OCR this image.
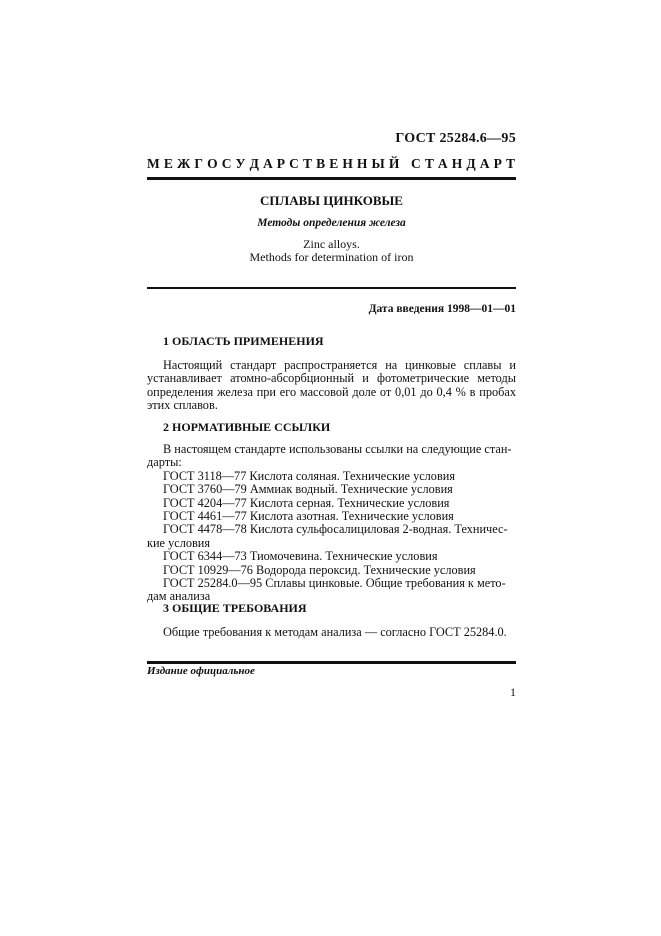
ГОСТ 25284.6—95
М Е Ж Г О С У Д А Р С Т В Е Н Н Ы Й
С Т А Н Д А Р Т
СПЛАВЫ ЦИНКОВЫЕ
Методы определения железа
Zinc alloys.
Methods for determination of iron
Дата введения 1998—01—01
1 ОБЛАСТЬ ПРИМЕНЕНИЯ
Настоящий стандарт распространяется на цинковые сплавы и устанавливает атомно-абсорбционный и фотометрические методы определения железа при его массовой доле от 0,01 до 0,4 % в пробах этих сплавов.
2 НОРМАТИВНЫЕ ССЫЛКИ
В настоящем стандарте использованы ссылки на следующие стан-
дарты:
ГОСТ 3118—77 Кислота соляная. Технические условия
ГОСТ 3760—79 Аммиак водный. Технические условия
ГОСТ 4204—77 Кислота серная. Технические условия
ГОСТ 4461—77 Кислота азотная. Технические условия
ГОСТ 4478—78 Кислота сульфосалициловая 2-водная. Техничес-
кие условия
ГОСТ 6344—73 Тиомочевина. Технические условия
ГОСТ 10929—76 Водорода пероксид. Технические условия
ГОСТ 25284.0—95 Сплавы цинковые. Общие требования к мето-
дам анализа
3 ОБЩИЕ ТРЕБОВАНИЯ
Общие требования к методам анализа — согласно ГОСТ 25284.0.
Издание официальное
1
